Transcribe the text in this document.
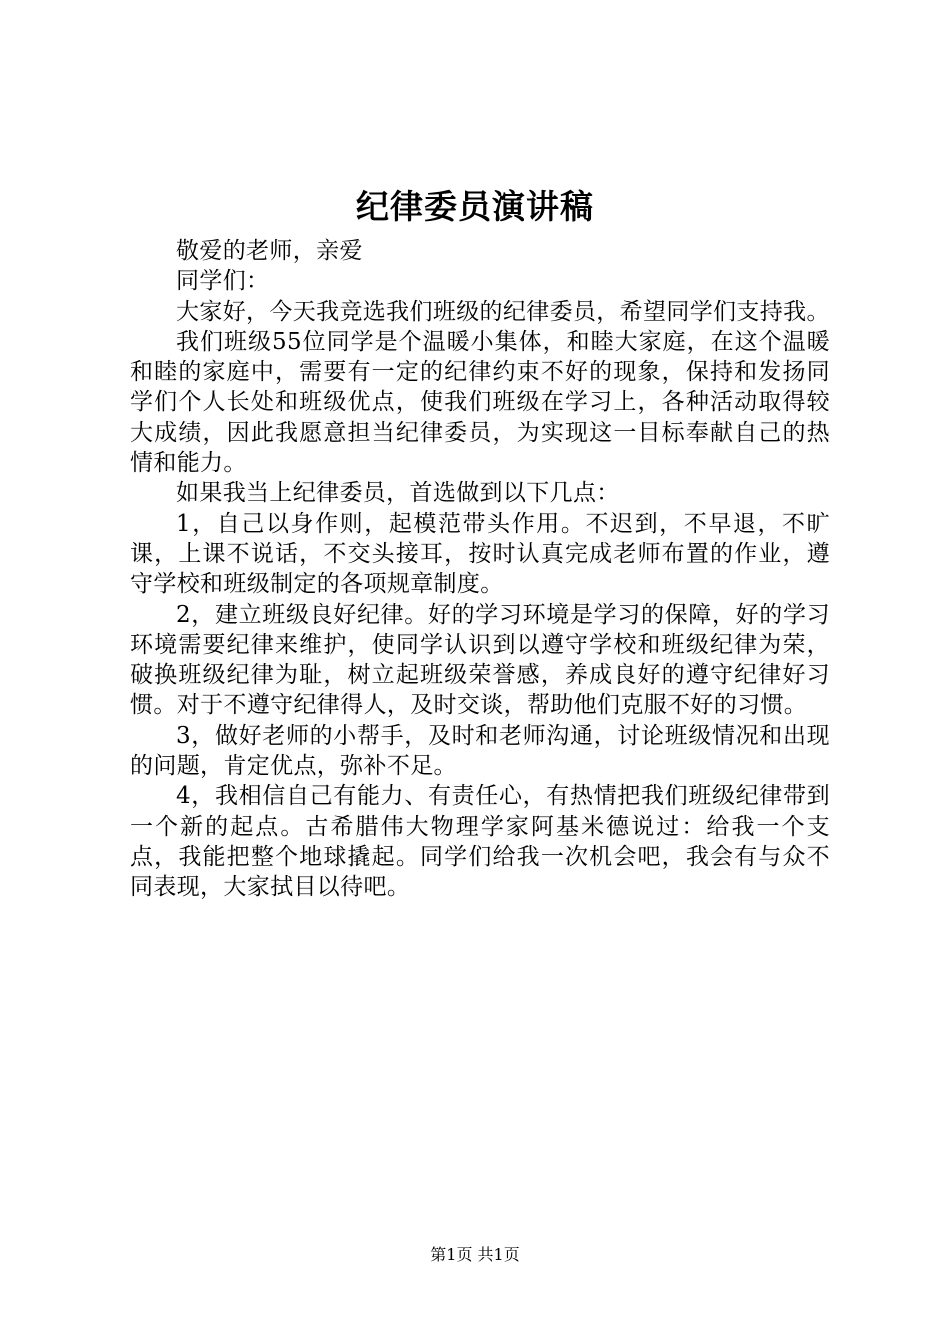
纪律委员演讲稿

敬爱的老师，亲爱

同学们：

大家好，今天我竞选我们班级的纪律委员，希望同学们支持我。

我们班级55位同学是个温暖小集体，和睦大家庭，在这个温暖和睦的家庭中，需要有一定的纪律约束不好的现象，保持和发扬同学们个人长处和班级优点，使我们班级在学习上，各种活动取得较大成绩，因此我愿意担当纪律委员，为实现这一目标奉献自己的热情和能力。

如果我当上纪律委员，首选做到以下几点：

1，自己以身作则，起模范带头作用。不迟到，不早退，不旷课，上课不说话，不交头接耳，按时认真完成老师布置的作业，遵守学校和班级制定的各项规章制度。

2，建立班级良好纪律。好的学习环境是学习的保障，好的学习环境需要纪律来维护，使同学认识到以遵守学校和班级纪律为荣，破换班级纪律为耻，树立起班级荣誉感，养成良好的遵守纪律好习惯。对于不遵守纪律得人，及时交谈，帮助他们克服不好的习惯。

3，做好老师的小帮手，及时和老师沟通，讨论班级情况和出现的问题，肯定优点，弥补不足。

4，我相信自己有能力、有责任心，有热情把我们班级纪律带到一个新的起点。古希腊伟大物理学家阿基米德说过：给我一个支点，我能把整个地球撬起。同学们给我一次机会吧，我会有与众不同表现，大家拭目以待吧。

第1页 共1页
